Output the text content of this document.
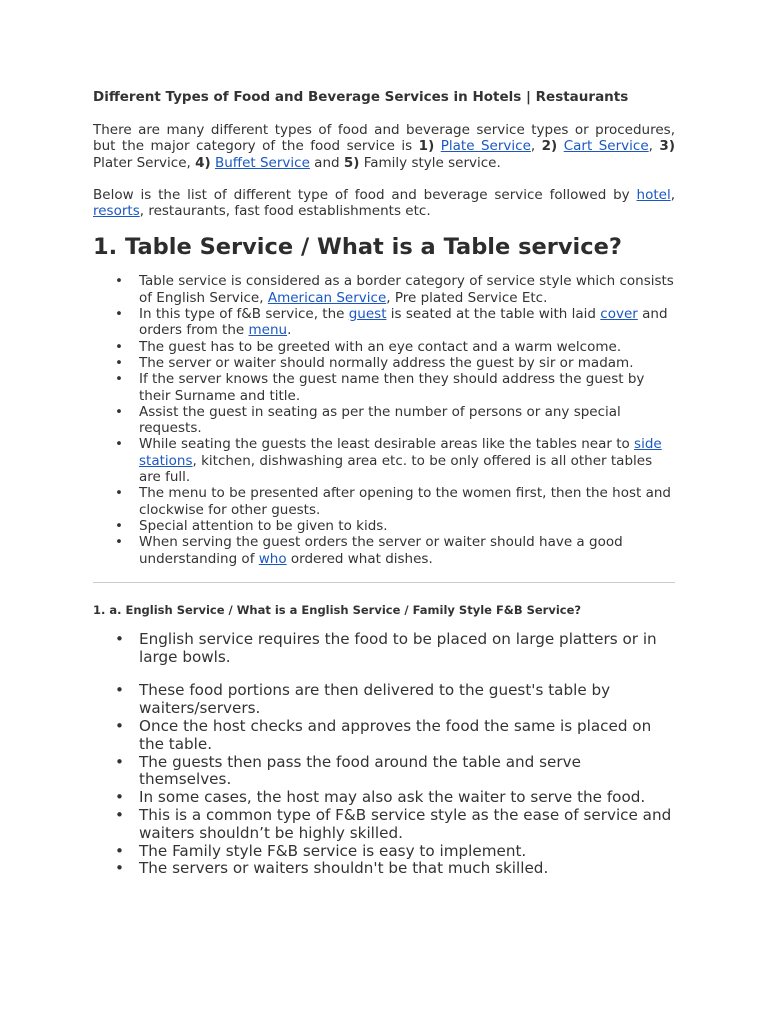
Different Types of Food and Beverage Services in Hotels | Restaurants

There are many different types of food and beverage service types or procedures, but the major category of the food service is 1) Plate Service, 2) Cart Service, 3) Plater Service, 4) Buffet Service and 5) Family style service.

Below is the list of different type of food and beverage service followed by hotel, resorts, restaurants, fast food establishments etc.

1. Table Service / What is a Table service?
• Table service is considered as a border category of service style which consists of English Service, American Service, Pre plated Service Etc.
• In this type of f&B service, the guest is seated at the table with laid cover and orders from the menu.
• The guest has to be greeted with an eye contact and a warm welcome.
• The server or waiter should normally address the guest by sir or madam.
• If the server knows the guest name then they should address the guest by their Surname and title.
• Assist the guest in seating as per the number of persons or any special requests.
• While seating the guests the least desirable areas like the tables near to side stations, kitchen, dishwashing area etc. to be only offered is all other tables are full.
• The menu to be presented after opening to the women first, then the host and clockwise for other guests.
• Special attention to be given to kids.
• When serving the guest orders the server or waiter should have a good understanding of who ordered what dishes.
1. a. English Service / What is a English Service / Family Style F&B Service?
• English service requires the food to be placed on large platters or in large bowls.
• These food portions are then delivered to the guest's table by waiters/servers.
• Once the host checks and approves the food the same is placed on the table.
• The guests then pass the food around the table and serve themselves.
• In some cases, the host may also ask the waiter to serve the food.
• This is a common type of F&B service style as the ease of service and waiters shouldn’t be highly skilled.
• The Family style F&B service is easy to implement.
• The servers or waiters shouldn't be that much skilled.
